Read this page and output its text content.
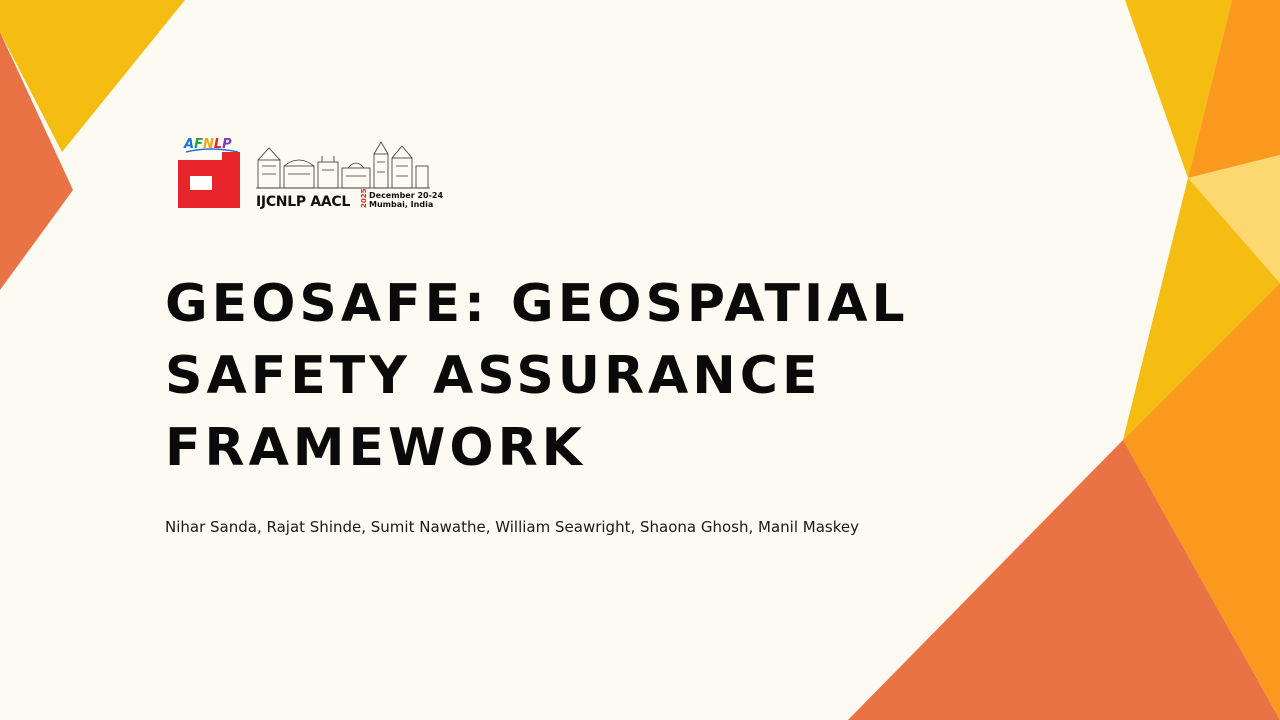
AFNLP
IJCNLP AACL 2025 December 20-24
Mumbai, India
GEOSAFE: GEOSPATIAL
SAFETY ASSURANCE
FRAMEWORK

Nihar Sanda, Rajat Shinde, Sumit Nawathe, William Seawright, Shaona Ghosh, Manil Maskey
